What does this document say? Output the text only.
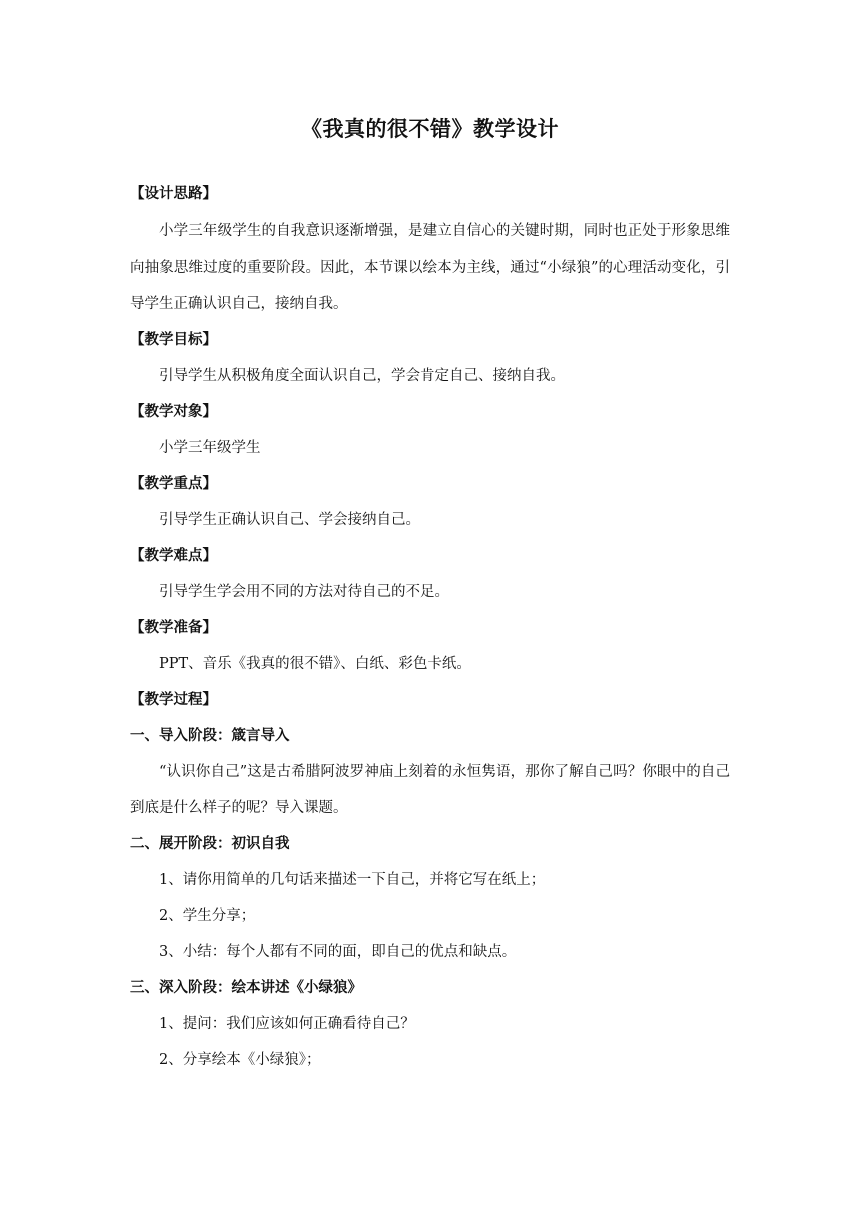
《我真的很不错》教学设计

【设计思路】

小学三年级学生的自我意识逐渐增强，是建立自信心的关键时期，同时也正处于形象思维向抽象思维过度的重要阶段。因此，本节课以绘本为主线，通过“小绿狼”的心理活动变化，引导学生正确认识自己，接纳自我。

【教学目标】

引导学生从积极角度全面认识自己，学会肯定自己、接纳自我。

【教学对象】

小学三年级学生

【教学重点】

引导学生正确认识自己、学会接纳自己。

【教学难点】

引导学生学会用不同的方法对待自己的不足。

【教学准备】

PPT、音乐《我真的很不错》、白纸、彩色卡纸。

【教学过程】

一、导入阶段：箴言导入

“认识你自己”这是古希腊阿波罗神庙上刻着的永恒隽语，那你了解自己吗？你眼中的自己到底是什么样子的呢？导入课题。

二、展开阶段：初识自我

1、请你用简单的几句话来描述一下自己，并将它写在纸上；

2、学生分享；

3、小结：每个人都有不同的面，即自己的优点和缺点。

三、深入阶段：绘本讲述《小绿狼》

1、提问：我们应该如何正确看待自己？

2、分享绘本《小绿狼》；
